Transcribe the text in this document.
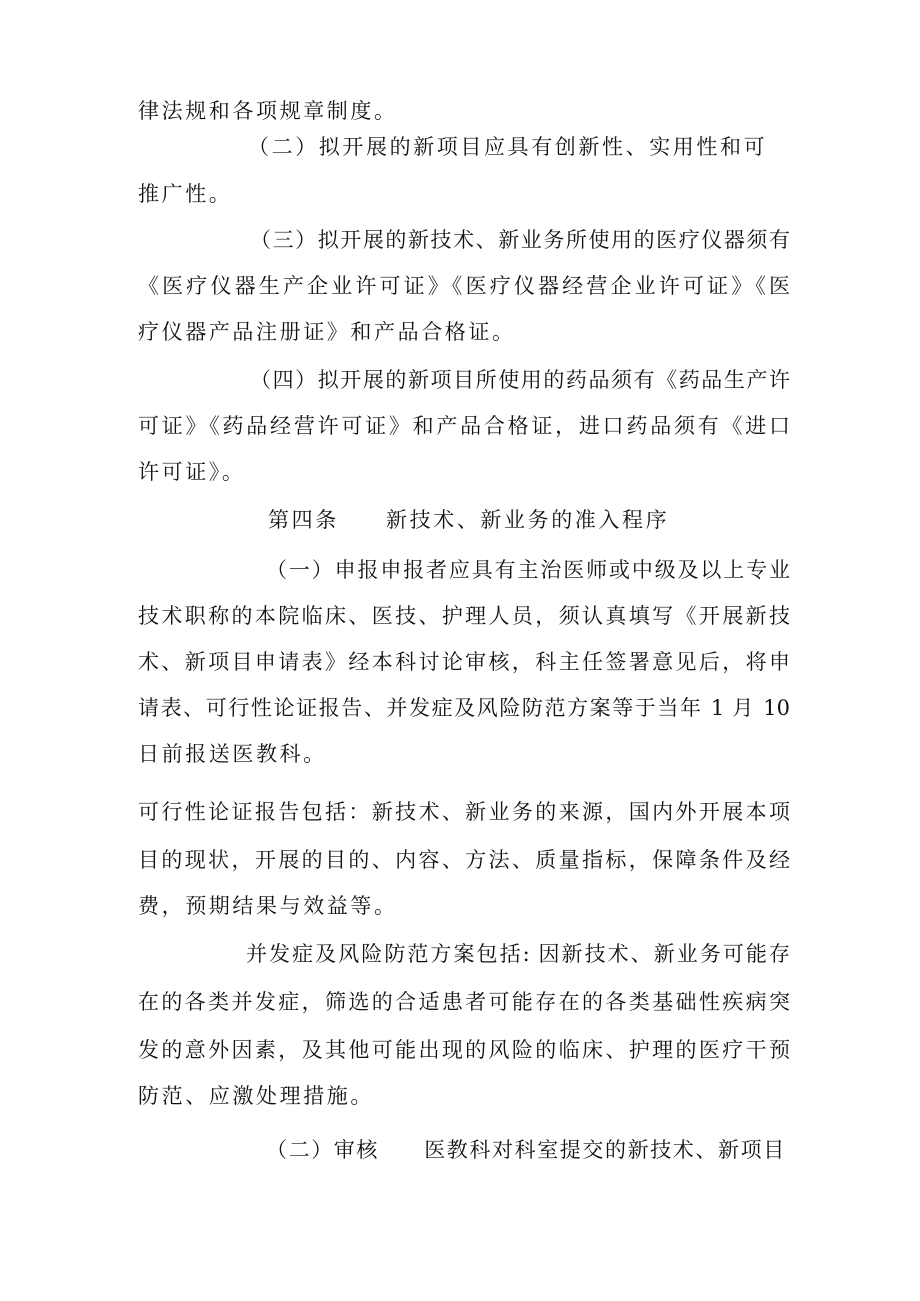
律法规和各项规章制度。
（二）拟开展的新项目应具有创新性、实用性和可
推广性。
（三）拟开展的新技术、新业务所使用的医疗仪器须有
《医疗仪器生产企业许可证》《医疗仪器经营企业许可证》《医
疗仪器产品注册证》和产品合格证。
（四）拟开展的新项目所使用的药品须有《药品生产许
可证》《药品经营许可证》和产品合格证，进口药品须有《进口
许可证》。
第四条　　新技术、新业务的准入程序
（一）申报申报者应具有主治医师或中级及以上专业
技术职称的本院临床、医技、护理人员，须认真填写《开展新技
术、新项目申请表》经本科讨论审核，科主任签署意见后，将申
请表、可行性论证报告、并发症及风险防范方案等于当年 1 月 10
日前报送医教科。
可行性论证报告包括：新技术、新业务的来源，国内外开展本项
目的现状，开展的目的、内容、方法、质量指标，保障条件及经
费，预期结果与效益等。
并发症及风险防范方案包括: 因新技术、新业务可能存
在的各类并发症，筛选的合适患者可能存在的各类基础性疾病突
发的意外因素，及其他可能出现的风险的临床、护理的医疗干预
防范、应激处理措施。
（二）审核　　医教科对科室提交的新技术、新项目
